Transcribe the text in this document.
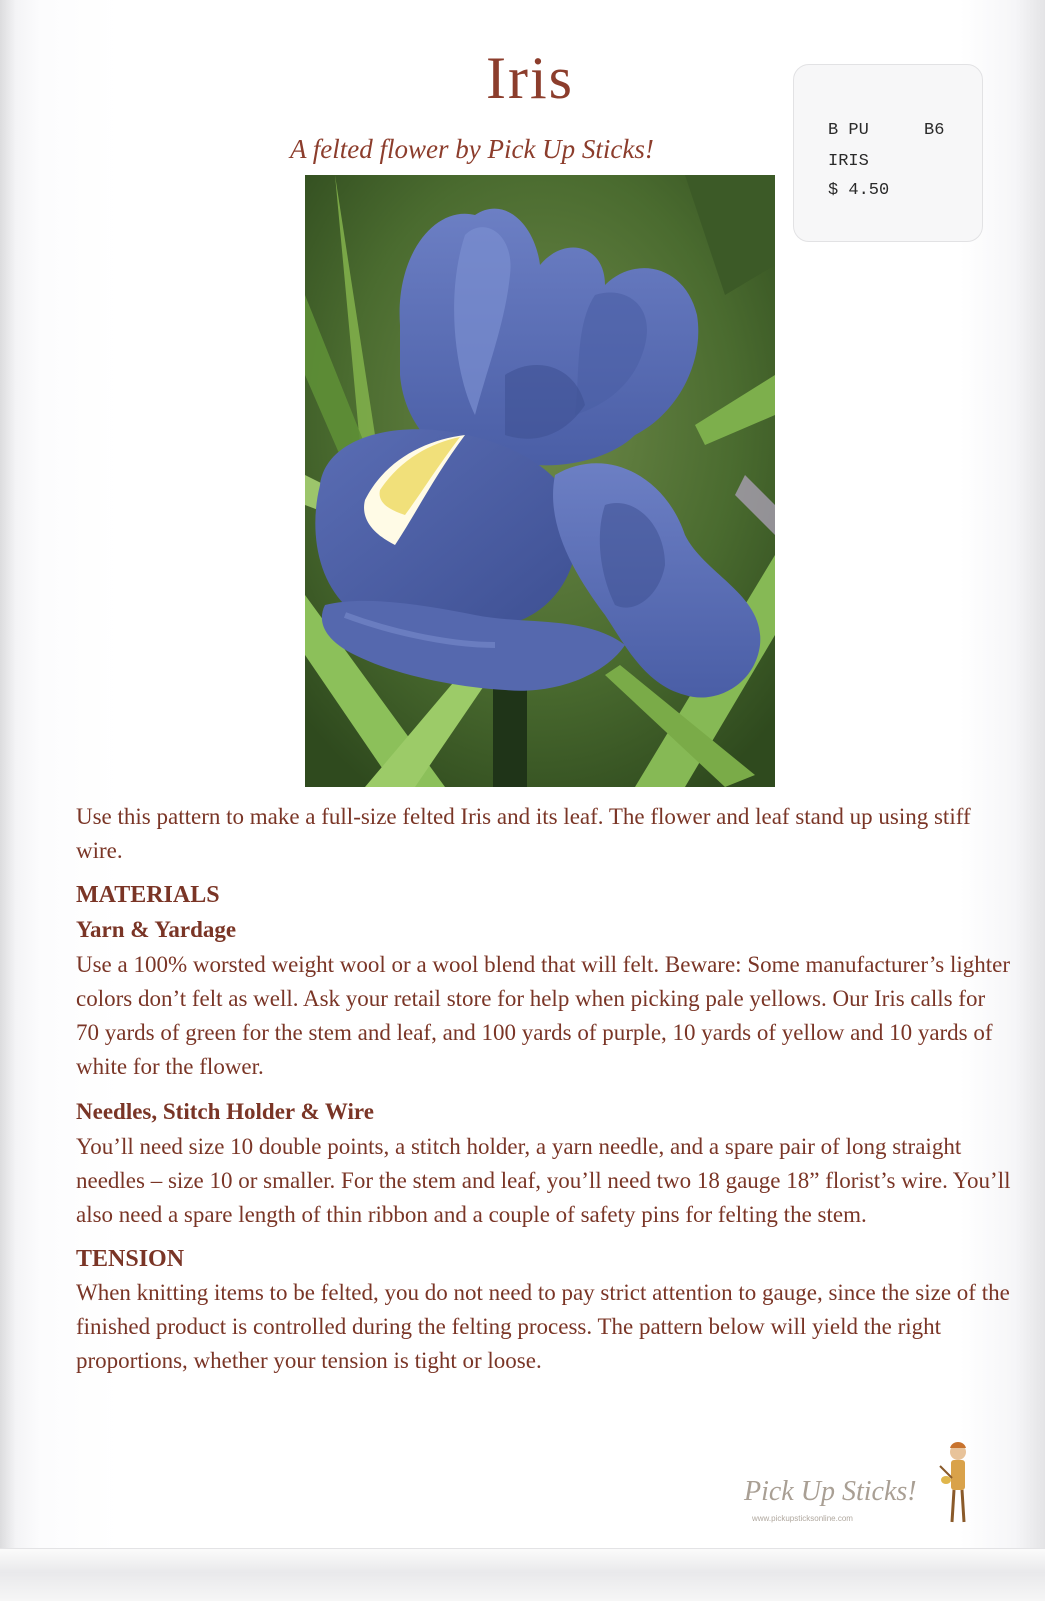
Iris
A felted flower by Pick Up Sticks!
B PU	B6
IRIS
$ 4.50

Use this pattern to make a full-size felted Iris and its leaf. The flower and leaf stand up using stiff wire.

MATERIALS

Yarn & Yardage

Use a 100% worsted weight wool or a wool blend that will felt. Beware: Some manufacturer’s lighter colors don’t felt as well. Ask your retail store for help when picking pale yellows. Our Iris calls for 70 yards of green for the stem and leaf, and 100 yards of purple, 10 yards of yellow and 10 yards of white for the flower.

Needles, Stitch Holder & Wire

You’ll need size 10 double points, a stitch holder, a yarn needle, and a spare pair of long straight needles – size 10 or smaller. For the stem and leaf, you’ll need two 18 gauge 18” florist’s wire. You’ll also need a spare length of thin ribbon and a couple of safety pins for felting the stem.

TENSION

When knitting items to be felted, you do not need to pay strict attention to gauge, since the size of the finished product is controlled during the felting process. The pattern below will yield the right proportions, whether your tension is tight or loose.

Pick Up Sticks!
www.pickupsticksonline.com
